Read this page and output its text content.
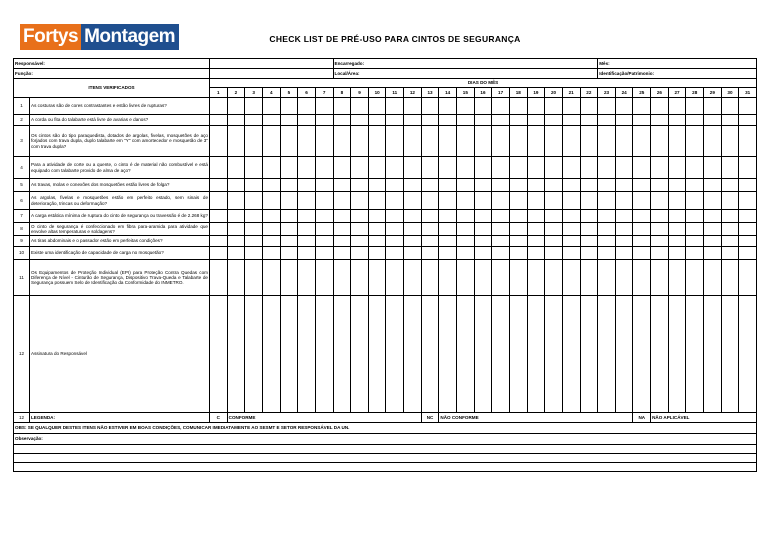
Fortys Montagem	CHECK LIST DE PRÉ-USO PARA CINTOS DE SEGURANÇA
Responsável:									Encarregado:															Mês:								
Função:									Local/Área:															Identificação/Patrimonio:								
ITENS VERIFICADOS		DIAS DO MÊS																														
		1	2	3	4	5	6	7	8	9	10	11	12	13	14	15	16	17	18	19	20	21	22	23	24	25	26	27	28	29	30	31
1	As costuras são de cores contrastantes e estão livres de rupturas?																															
2	A corda ou fita do talabarte está livre de avarias e danos?																															
3	Os cintos são do tipo paraquedista, dotados de argolas, fivelas, mosquetões de aço forjados com trava dupla, duplo talabarte em "Y" com amortecedor e mosquetão de 3" com trava dupla?																															
4	Para a atividade de corte ou a quente, o cinto é de material não combustível e está equipado com talabarte provido de alma de aço?																															
5	As travas, molas e conexões dos mosquetões estão livres de folga?																															
6	As argolas, fivelas e mosquetões estão em perfeito estado, sem sinais de deterioração, trincas ou deformação?																															
7	A carga estática mínima de ruptura do cinto de segurança ou travessão é de 2.268 kg?																															
8	O cinto de segurança é confeccionado em fibra para-aramida para atividade que envolve altas temperaturas e soldagens?																															
9	As tiras abdominais e o passador estão em perfeitas condições?																															
10	Existe uma identificação de capacidade de carga no mosquetão?																															
11	Os Equipamentos de Proteção Individual (EPI) para Proteção Contra Quedas com Diferença de Nível - Cinturão de Segurança, Dispositivo Trava-Queda e Talabarte de Segurança possuem Selo de Identificação da Conformidade do INMETRO.																															
12	Assinatura do Responsável																															
12	LEGENDA:	C	CONFORME											NC	NÃO CONFORME											NA	NÃO APLICÁVEL					
OBS: SE QUALQUER DESTES ITENS NÃO ESTIVER EM BOAS CONDIÇÕES, COMUNICAR IMEDIATAMENTE AO SESMT E SETOR RESPONSÁVEL DA UN.																																
Observação:																																
